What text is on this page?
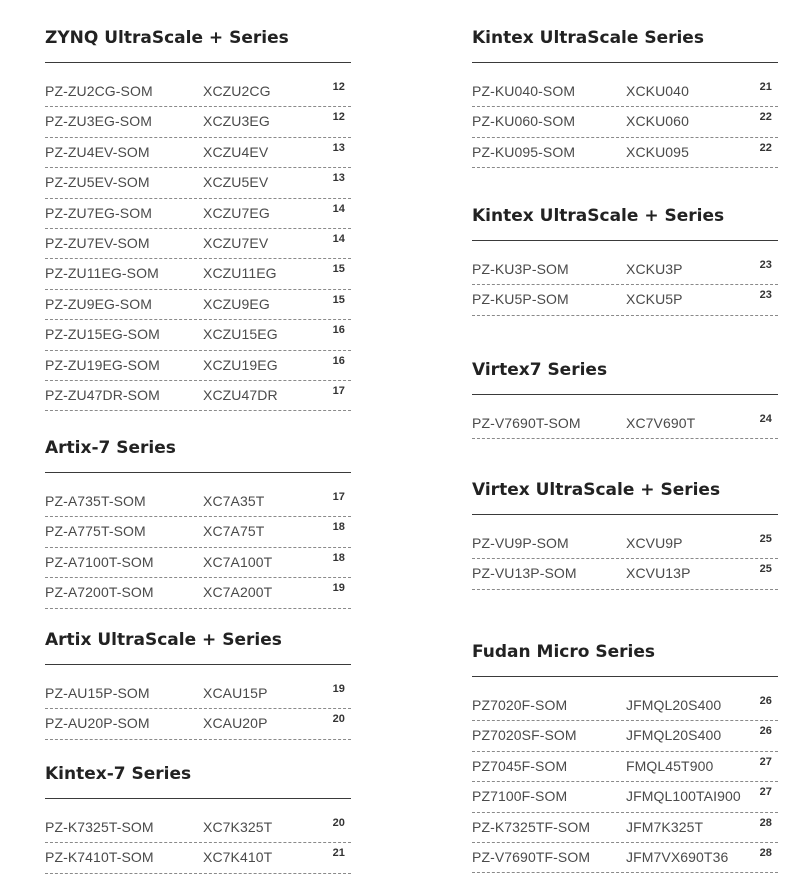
ZYNQ UltraScale + Series
PZ-ZU2CG-SOM	XCZU2CG	12
PZ-ZU3EG-SOM	XCZU3EG	12
PZ-ZU4EV-SOM	XCZU4EV	13
PZ-ZU5EV-SOM	XCZU5EV	13
PZ-ZU7EG-SOM	XCZU7EG	14
PZ-ZU7EV-SOM	XCZU7EV	14
PZ-ZU11EG-SOM	XCZU11EG	15
PZ-ZU9EG-SOM	XCZU9EG	15
PZ-ZU15EG-SOM	XCZU15EG	16
PZ-ZU19EG-SOM	XCZU19EG	16
PZ-ZU47DR-SOM	XCZU47DR	17
Artix-7 Series
PZ-A735T-SOM	XC7A35T	17
PZ-A775T-SOM	XC7A75T	18
PZ-A7100T-SOM	XC7A100T	18
PZ-A7200T-SOM	XC7A200T	19
Artix UltraScale + Series
PZ-AU15P-SOM	XCAU15P	19
PZ-AU20P-SOM	XCAU20P	20
Kintex-7 Series
PZ-K7325T-SOM	XC7K325T	20
PZ-K7410T-SOM	XC7K410T	21
Kintex UltraScale Series
PZ-KU040-SOM	XCKU040	21
PZ-KU060-SOM	XCKU060	22
PZ-KU095-SOM	XCKU095	22
Kintex UltraScale + Series
PZ-KU3P-SOM	XCKU3P	23
PZ-KU5P-SOM	XCKU5P	23
Virtex7 Series
PZ-V7690T-SOM	XC7V690T	24
Virtex UltraScale + Series
PZ-VU9P-SOM	XCVU9P	25
PZ-VU13P-SOM	XCVU13P	25
Fudan Micro Series
PZ7020F-SOM	JFMQL20S400	26
PZ7020SF-SOM	JFMQL20S400	26
PZ7045F-SOM	FMQL45T900	27
PZ7100F-SOM	JFMQL100TAI900 27
PZ-K7325TF-SOM	JFM7K325T	28
PZ-V7690TF-SOM	JFM7VX690T36	28
